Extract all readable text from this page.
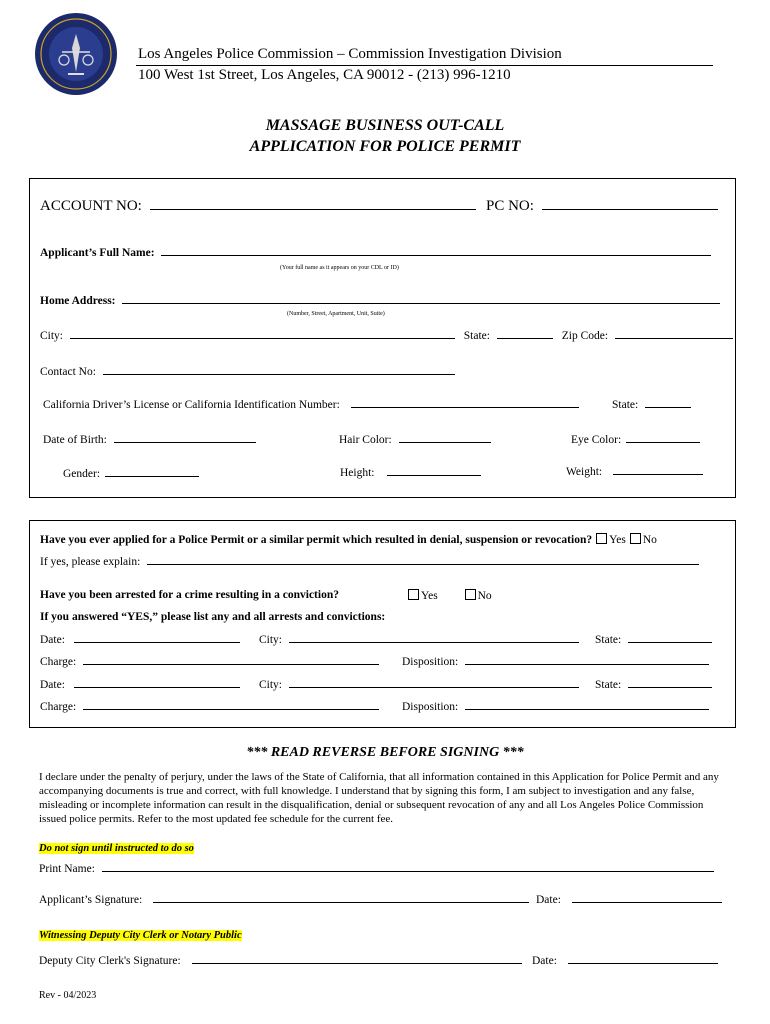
Los Angeles Police Commission – Commission Investigation Division
100 West 1st Street, Los Angeles, CA 90012 - (213) 996-1210
MASSAGE BUSINESS OUT-CALL
APPLICATION FOR POLICE PERMIT
ACCOUNT NO:	PC NO:
Applicant’s Full Name:
(Your full name as it appears on your CDL or ID)
Home Address:
(Number, Street, Apartment, Unit, Suite)
City:	State:	Zip Code:
Contact No:
California Driver’s License or California Identification Number:	State:
Date of Birth:	Hair Color:	Eye Color:
Gender:	Height:	Weight:
Have you ever applied for a Police Permit or a similar permit which resulted in denial, suspension or revocation? Yes No
If yes, please explain:
Have you been arrested for a crime resulting in a conviction?	Yes	No
If you answered “YES,” please list any and all arrests and convictions:
Date:	City:	State:
Charge:	Disposition:
Date:	City:	State:
Charge:	Disposition:
*** READ REVERSE BEFORE SIGNING ***
I declare under the penalty of perjury, under the laws of the State of California, that all information contained in this Application for Police Permit and any accompanying documents is true and correct, with full knowledge. I understand that by signing this form, I am subject to investigation and any false, misleading or incomplete information can result in the disqualification, denial or subsequent revocation of any and all Los Angeles Police Commission issued police permits. Refer to the most updated fee schedule for the current fee.
Do not sign until instructed to do so
Print Name:
Applicant’s Signature:	Date:
Witnessing Deputy City Clerk or Notary Public
Deputy City Clerk's Signature:	Date:
Rev - 04/2023
